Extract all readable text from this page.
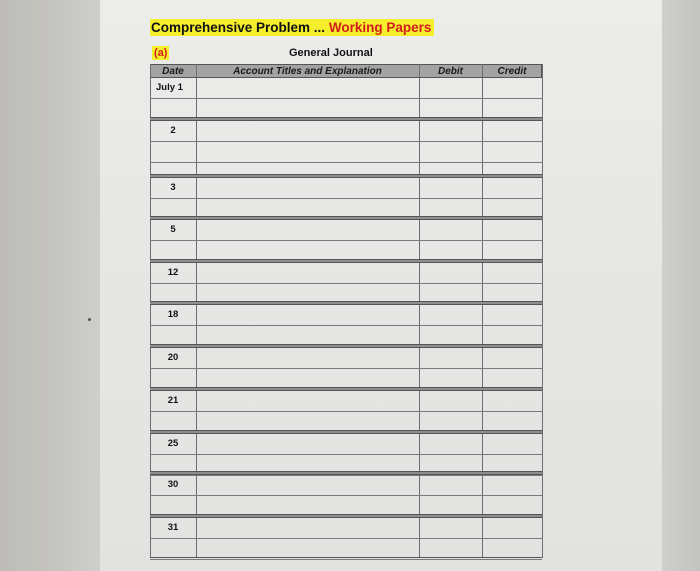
Comprehensive Problem ... Working Papers
(a)	General Journal
Date	Account Titles and Explanation	Debit	Credit
July 1
2
3
5
12
18
20
21
25
30
31
